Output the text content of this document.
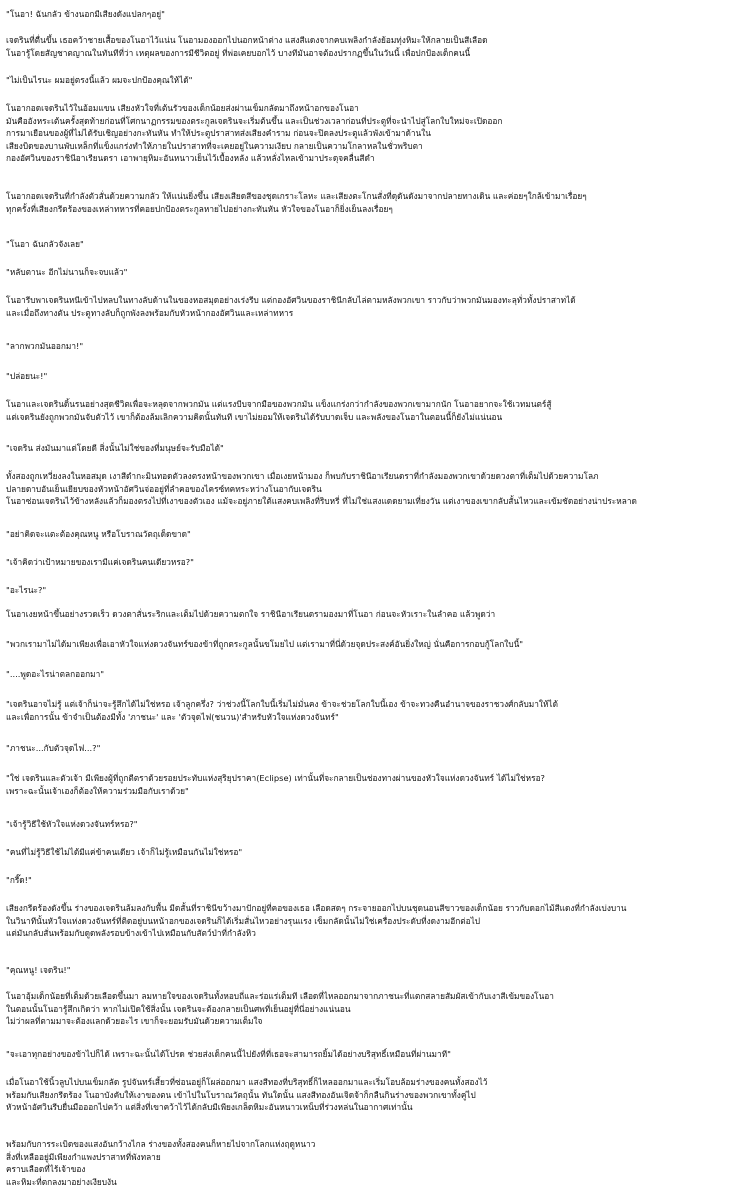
"โนอา! ฉันกลัว ข้างนอกมีเสียงดังแปลกๆอยู่"

เจดรินที่ตื่นขึ้น เธอคว้าชายเสื้อของโนอาไว้แน่น โนอามองออกไปนอกหน้าต่าง แสงสีแดงจากคบเพลิงกำลังย้อมทุ่งหิมะให้กลายเป็นสีเลือด
โนอารู้โดยสัญชาตญาณในทันทีที่ว่า เหตุผลของการมีชีวิตอยู่ ที่พ่อเคยบอกไว้ บางทีมันอาจต้องปรากฏขึ้นในวันนี้ เพื่อปกป้องเด็กคนนี้

"ไม่เป็นไรนะ ผมอยู่ตรงนี้แล้ว ผมจะปกป้องคุณให้ได้"

โนอากอดเจดรินไว้ในอ้อมแขน เสียงหัวใจที่เต้นรัวของเด็กน้อยส่งผ่านเข็มกลัดมาถึงหน้าอกของโนอา
มันคืออังหระเต้นครั้งสุดท้ายก่อนที่โศกนาฏกรรมของตระกูลเจดรินจะเริ่มต้นขึ้น และเป็นช่วงเวลาก่อนที่ประตูที่จะนำไปสู่โลกใบใหม่จะเปิดออก
การมาเยือนของผู้ที่ไม่ได้รับเชิญอย่างกะทันหัน ทำให้ประตูปราสาทส่งเสียงคำราม ก่อนจะปิดลงประตูแล้วพังเข้ามาด้านใน
เสียงบิดของบานพับเหล็กที่แข็งแกร่งทำให้ภายในปราสาทที่จะเคยอยู่ในความเงียบ กลายเป็นความโกลาหลในชั่วพริบตา
กองอัศวินของราชินีอาเรียนดรา เอาพายุหิมะอันหนาวเย็นไว้เบื้องหลัง แล้วหลั่งไหลเข้ามาประดุจคลื่นสีดำ

โนอากอดเจดรินที่กำลังตัวสั่นด้วยความกลัว ให้แน่นยิ่งขึ้น เสียงเสียดสีของชุดเกราะโลหะ และเสียงตะโกนสั่งที่ดุดันดังมาจากปลายทางเดิน และค่อยๆใกล้เข้ามาเรื่อยๆ
ทุกครั้งที่เสียงกรีดร้องของเหล่าทหารที่คอยปกป้องตระกูลหายไปอย่างกะทันหัน หัวใจของโนอาก็ยิ่งเย็นลงเรื่อยๆ

"โนอา ฉันกลัวจังเลย"

"หลับตานะ อีกไม่นานก็จะจบแล้ว"

โนอารีบพาเจดรินหนีเข้าไปหลบในทางลับด้านในของหอสมุดอย่างเร่งรีบ แต่กองอัศวินของราชินีกลับไล่ตามหลังพวกเขา ราวกับว่าพวกมันมองทะลุทั่วทั้งปราสาทได้
และเมื่อถึงทางตัน ประตูทางลับก็ถูกพังลงพร้อมกับหัวหน้ากองอัศวินและเหล่าทหาร

"ลากพวกมันออกมา!"

"ปล่อยนะ!"

โนอาและเจดรินดิ้นรนอย่างสุดชีวิตเพื่อจะหลุดจากพวกมัน แต่แรงบีบจากมือของพวกมัน แข็งแกร่งกว่ากำลังของพวกเขามากนัก โนอาอยากจะใช้เวทมนตร์สู้
แต่เจดรินยังถูกพวกมันจับตัวไว้ เขาก็ต้องล้มเลิกความคิดนั้นทันที เขาไม่ยอมให้เจดรินได้รับบาดเจ็บ และพลังของโนอาในตอนนี้ก็ยังไม่แน่นอน

"เจดริน ส่งมันมาแต่โดยดี สิ่งนั้นไม่ใช่ของที่มนุษย์จะรับมือได้"

ทั้งสองถูกเหวี่ยงลงในหอสมุด เงาสีดำกะมินทอดตัวลงตรงหน้าของพวกเขา เมื่อเงยหน้ามอง ก็พบกับราชินีอาเรียนดราที่กำลังมองพวกเขาด้วยดวงตาที่เต็มไปด้วยความโลภ
ปลายดาบอันเย็นเยียบของหัวหน้าอัศวินจ่ออยู่ที่ลำคอของไครซ์ทคทระหว่างโนอากับเจดริน
โนอาซ่อนเจดรินไว้ข้างหลังแล้วก็มองตรงไปที่เงาของตัวเอง แม้จะอยู่ภายใต้แสงคบเพลิงที่ริบหรี่ ที่ไม่ใช่แสงแดดยามเที่ยงวัน แต่เงาของเขากลับสั้นไหวและเข้มชัดอย่างน่าประหลาด

"อย่าคิดจะแตะต้องคุณหนู หรือโบราณวัตถุเด็ดขาด"

"เจ้าคิดว่าเป้าหมายของเรามีแค่เจดรินคนเดียวหรอ?"

"อะไรนะ?"

โนอาเงยหน้าขึ้นอย่างรวดเร็ว ดวงตาสั่นระริกและเต็มไปด้วยความตกใจ ราชินีอาเรียนดรามองมาที่โนอา ก่อนจะหัวเราะในลำคอ แล้วพูดว่า

"พวกเรามาไม่ได้มาเพียงเพื่อเอาหัวใจแห่งดวงจันทร์ของข้าที่ถูกตระกูลนั้นขโมยไป แต่เรามาที่นี่ด้วยจุดประสงค์อันยิ่งใหญ่ นั่นคือการกอบกู้โลกใบนี้"

"....พูดอะไรน่าตลกออกมา"

"เจดรินอาจไม่รู้ แต่เจ้าก็น่าจะรู้สึกได้ไม่ใช่หรอ เจ้าลูกครึ่ง? ว่าช่วงนี้โลกใบนี้เริ่มไม่มั่นคง ข้าจะช่วยโลกใบนี้เอง ข้าจะทวงคืนอำนาจของราชวงศ์กลับมาให้ได้
และเพื่อการนั้น ข้าจำเป็นต้องมีทั้ง 'ภาชนะ' และ 'ตัวจุดไฟ(ชนวน)'สำหรับหัวใจแห่งดวงจันทร์"

"ภาชนะ...กับตัวจุดไฟ...?"

"ใช่ เจดรินและตัวเจ้า มีเพียงผู้ที่ถูกตีตราด้วยรอยประทับแห่งสุริยุปราคา(Eclipse) เท่านั้นที่จะกลายเป็นช่องทางผ่านของหัวใจแห่งดวงจันทร์ ได้ไม่ใช่หรอ?
เพราะฉะนั้นเจ้าเองก็ต้องให้ความร่วมมือกับเราด้วย"

"เจ้ารู้วิธีใช้หัวใจแห่งดวงจันทร์หรอ?"

"คนที่ไม่รู้วิธีใช้ไม่ได้มีแค่ข้าคนเดียว เจ้าก็ไม่รู้เหมือนกันไม่ใช่หรอ"

"กรี๊ด!"

เสียงกรีดร้องดังขึ้น ร่างของเจดรินล้มลงกับพื้น มีดสั้นที่ราชินีขว้างมาปักอยู่ที่คอของเธอ เลือดสดๆ กระจายออกไปบนชุดนอนสีขาวของเด็กน้อย ราวกับดอกไม้สีแดงที่กำลังเบ่งบาน
ในวินาทีนั้นหัวใจแห่งดวงจันทร์ที่ติดอยู่บนหน้าอกของเจดรินก็ได้เริ่มสั่นไหวอย่างรุนแรง เข็มกลัดนั้นไม่ใช่เครื่องประดับที่งดงามอีกต่อไป
แต่มันกลับสั่นพร้อมกับดูดพลังรอบข้างเข้าไปเหมือนกับสัตว์ป่าที่กำลังหิว

"คุณหนู! เจดริน!"

โนอาอุ้มเด็กน้อยที่เต็มด้วยเลือดขึ้นมา ลมหายใจของเจดรินทั้งหอบถี่และร่อแร่เต็มที เลือดที่ไหลออกมาจากภาชนะที่แตกสลายสัมผัสเข้ากับเงาสีเข้มของโนอา
ในตอนนั้นโนอารู้สึกเกิดว่า หากไม่เปิดใช้สิ่งนั้น เจดรินจะต้องกลายเป็นศพที่เย็นอยู่ที่นี่อย่างแน่นอน
ไม่ว่าผลที่ตามมาจะต้องแลกด้วยอะไร เขาก็จะยอมรับมันด้วยความเต็มใจ

"จะเอาทุกอย่างของข้าไปก็ได้ เพราะฉะนั้นได้โปรด ช่วยส่งเด็กคนนี้ไปยังที่ที่เธอจะสามารถยิ้มได้อย่างบริสุทธิ์เหมือนที่ผ่านมาที"

เมื่อโนอาใช้นิ้วลูบไปบนเข็มกลัด รูปจันทร์เสี้ยวที่ซ่อนอยู่ก็โผล่ออกมา แสงสีทองที่บริสุทธิ์ก็ไหลออกมาและเริ่มโอบล้อมร่างของคนทั้งสองไว้
พร้อมกับเสียงกรีดร้อง โนอาบังคับให้เงาของตน เข้าไปในโบราณวัตถุนั้น ทันใดนั้น แสงสีทองอันเจิดจ้าก็กลืนกินร่างของพวกเขาทั้งคู่ไป
หัวหน้าอัศวินรีบยื่นมือออกไปคว้า แต่สิ่งที่เขาคว้าไว้ได้กลับมีเพียงเกล็ดหิมะอันหนาวเหน็บที่ร่วงหล่นในอากาศเท่านั้น

พร้อมกับการระเบิดของแสงอันกว้างไกล ร่างของทั้งสองคนก็หายไปจากโลกแห่งฤดูหนาว
สิ่งที่เหลืออยู่มีเพียงกำแพงปราสาทที่พังทลาย
คราบเลือดที่ไร้เจ้าของ
และหิมะที่ตกลงมาอย่างเงียบงัน
